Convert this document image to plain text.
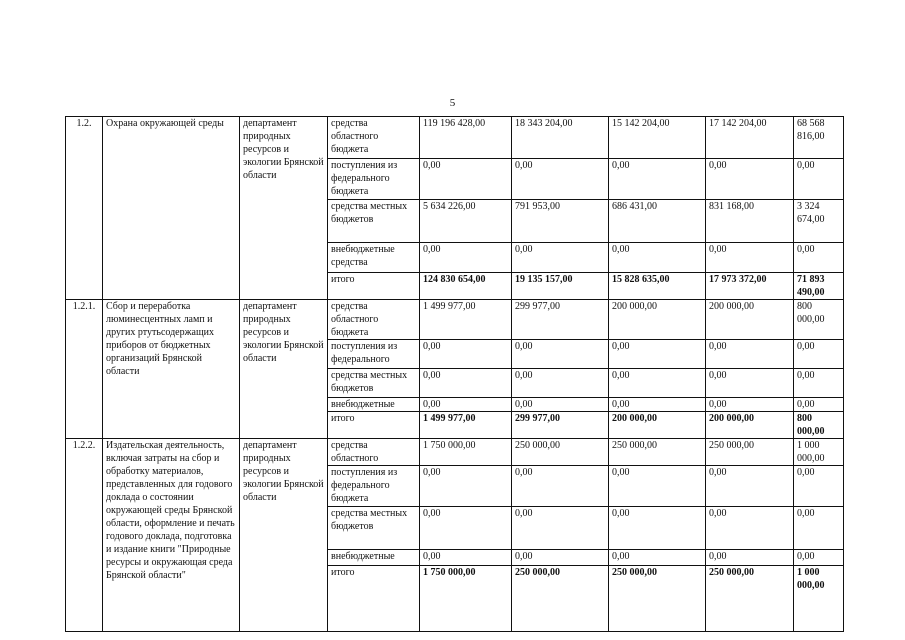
5
1.2.	Охрана окружающей среды	департамент природных ресурсов и экологии Брянской области	средства областного бюджета	119 196 428,00	18 343 204,00	15 142 204,00	17 142 204,00	68 568 816,00
			поступления из федерального бюджета	0,00	0,00	0,00	0,00	0,00
			средства местных бюджетов	5 634 226,00	791 953,00	686 431,00	831 168,00	3 324 674,00
			внебюджетные средства	0,00	0,00	0,00	0,00	0,00
			итого	124 830 654,00	19 135 157,00	15 828 635,00	17 973 372,00	71 893 490,00
1.2.1.	Сбор и переработка люминесцентных ламп и других ртутьсодержащих приборов от бюджетных организаций Брянской области	департамент природных ресурсов и экологии Брянской области	средства областного бюджета	1 499 977,00	299 977,00	200 000,00	200 000,00	800 000,00
			поступления из федерального	0,00	0,00	0,00	0,00	0,00
			средства местных бюджетов	0,00	0,00	0,00	0,00	0,00
			внебюджетные	0,00	0,00	0,00	0,00	0,00
			итого	1 499 977,00	299 977,00	200 000,00	200 000,00	800 000,00
1.2.2.	Издательская деятельность, включая затраты на сбор и обработку материалов, представленных для годового доклада о состоянии окружающей среды Брянской области, оформление и печать годового доклада, подготовка и издание книги "Природные ресурсы и окружающая среда Брянской области"	департамент природных ресурсов и экологии Брянской области	средства областного	1 750 000,00	250 000,00	250 000,00	250 000,00	1 000 000,00
			поступления из федерального бюджета	0,00	0,00	0,00	0,00	0,00
			средства местных бюджетов	0,00	0,00	0,00	0,00	0,00
			внебюджетные	0,00	0,00	0,00	0,00	0,00
			итого	1 750 000,00	250 000,00	250 000,00	250 000,00	1 000 000,00
